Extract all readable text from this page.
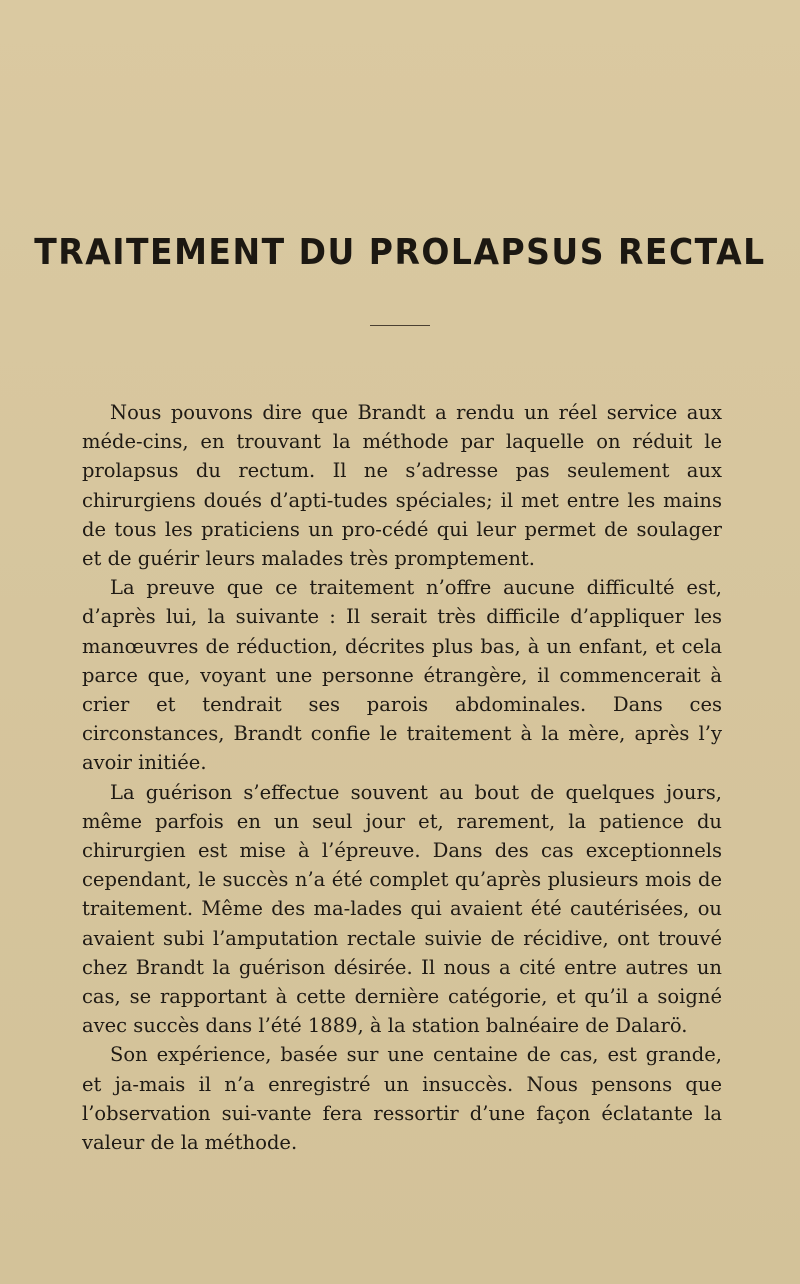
TRAITEMENT DU PROLAPSUS RECTAL

Nous pouvons dire que Brandt a rendu un réel service aux méde-cins, en trouvant la méthode par laquelle on réduit le prolapsus du rectum. Il ne s’adresse pas seulement aux chirurgiens doués d’apti-tudes spéciales; il met entre les mains de tous les praticiens un pro-cédé qui leur permet de soulager et de guérir leurs malades très promptement.

La preuve que ce traitement n’offre aucune difficulté est, d’après lui, la suivante : Il serait très difficile d’appliquer les manœuvres de réduction, décrites plus bas, à un enfant, et cela parce que, voyant une personne étrangère, il commencerait à crier et tendrait ses parois abdominales. Dans ces circonstances, Brandt confie le traitement à la mère, après l’y avoir initiée.

La guérison s’effectue souvent au bout de quelques jours, même parfois en un seul jour et, rarement, la patience du chirurgien est mise à l’épreuve. Dans des cas exceptionnels cependant, le succès n’a été complet qu’après plusieurs mois de traitement. Même des ma-lades qui avaient été cautérisées, ou avaient subi l’amputation rectale suivie de récidive, ont trouvé chez Brandt la guérison désirée. Il nous a cité entre autres un cas, se rapportant à cette dernière catégorie, et qu’il a soigné avec succès dans l’été 1889, à la station balnéaire de Dalarö.

Son expérience, basée sur une centaine de cas, est grande, et ja-mais il n’a enregistré un insuccès. Nous pensons que l’observation sui-vante fera ressortir d’une façon éclatante la valeur de la méthode.
